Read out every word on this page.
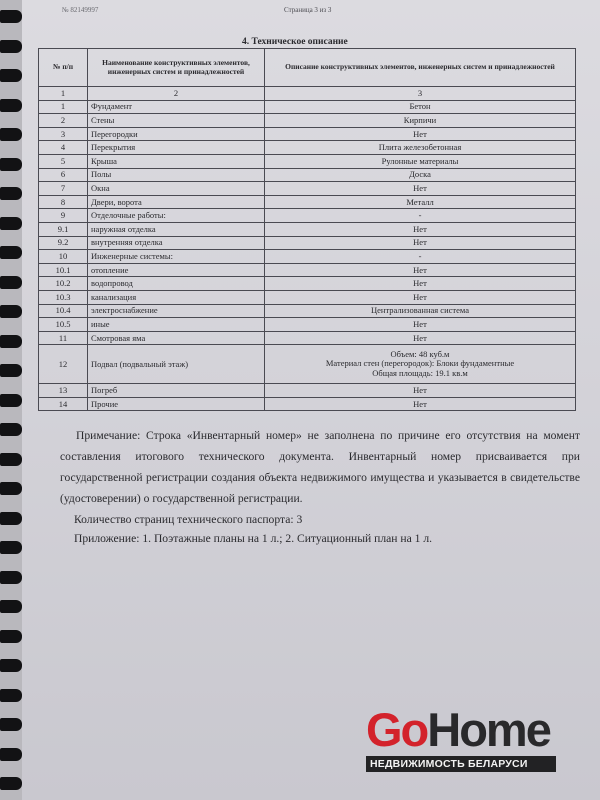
№ 82149997	Страница 3 из 3
4. Техническое описание
№ п/п	Наименование конструктивных элементов, инженерных систем и принадлежностей	Описание конструктивных элементов, инженерных систем и принадлежностей
1	2	3
1	Фундамент	Бетон
2	Стены	Кирпичи
3	Перегородки	Нет
4	Перекрытия	Плита железобетонная
5	Крыша	Рулонные материалы
6	Полы	Доска
7	Окна	Нет
8	Двери, ворота	Металл
9	Отделочные работы:	-
9.1	наружная отделка	Нет
9.2	внутренняя отделка	Нет
10	Инженерные системы:	-
10.1	отопление	Нет
10.2	водопровод	Нет
10.3	канализация	Нет
10.4	электроснабжение	Централизованная система
10.5	иные	Нет
11	Смотровая яма	Нет
12	Подвал (подвальный этаж)	Объем: 48 куб.м
Материал стен (перегородок): Блоки фундаментные
Общая площадь: 19.1 кв.м

13	Погреб	Нет
14	Прочие	Нет
Примечание: Строка «Инвентарный номер» не заполнена по причине его отсутствия на момент составления итогового технического документа. Инвентарный номер присваивается при государственной регистрации создания объекта недвижимого имущества и указывается в свидетельстве (удостоверении) о государственной регистрации.
Количество страниц технического паспорта: 3
Приложение: 1. Поэтажные планы на 1 л.; 2. Ситуационный план на 1 л.
GoHome
НЕДВИЖИМОСТЬ БЕЛАРУСИ
